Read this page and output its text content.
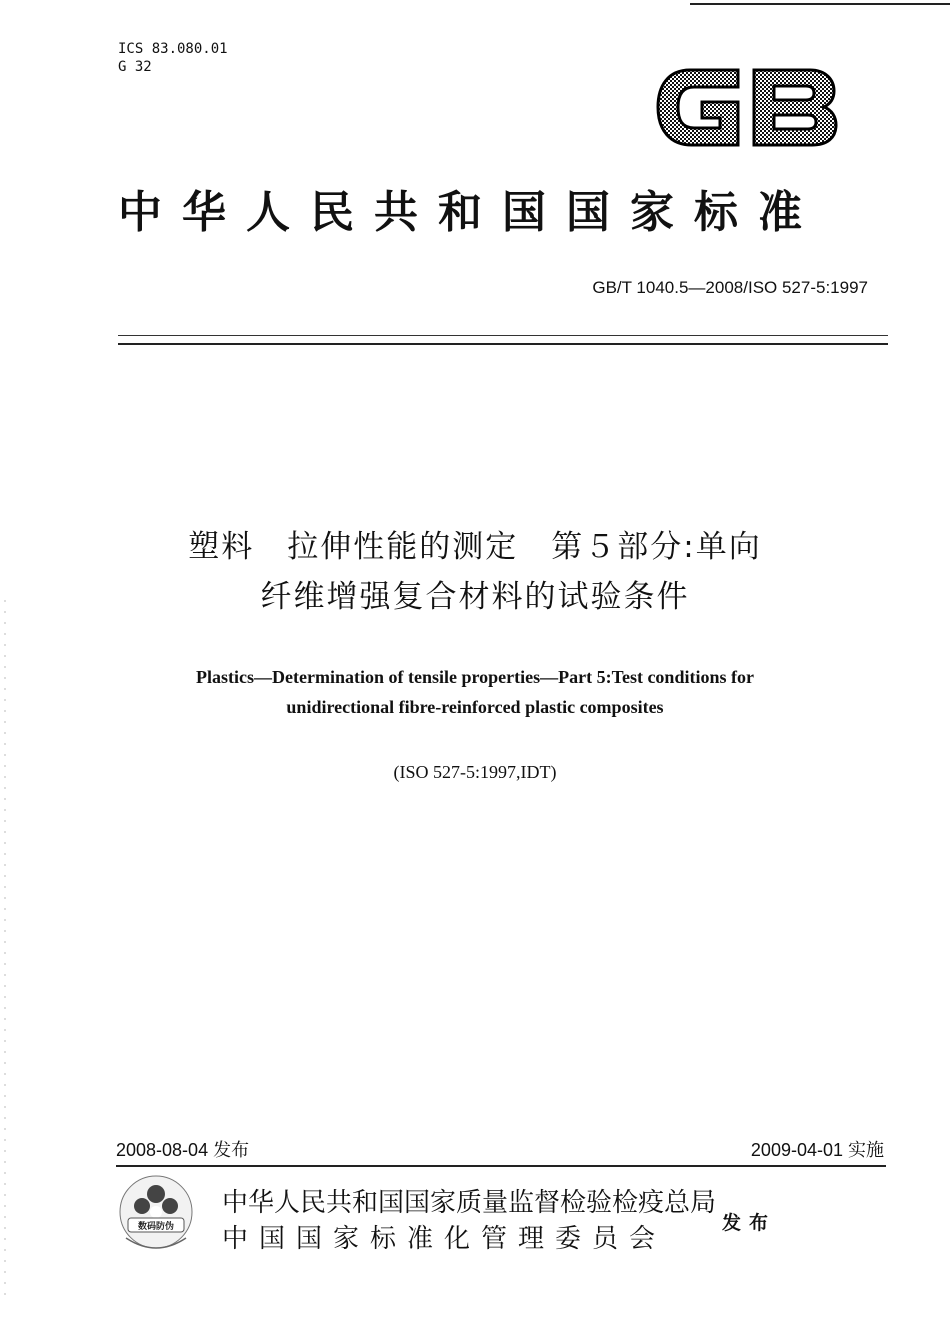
ICS 83.080.01
G 32	GB
中华人民共和国国家标准
GB/T 1040.5—2008/ISO 527-5:1997
塑料　拉伸性能的测定　第５部分:单向
纤维增强复合材料的试验条件
Plastics—Determination of tensile properties—Part 5:Test conditions for
unidirectional fibre-reinforced plastic composites
(ISO 527-5:1997,IDT)
2008-08-04 发布	2009-04-01 实施
数码防伪
中华人民共和国国家质量监督检验检疫总局
中国国家标准化管理委员会
发布
